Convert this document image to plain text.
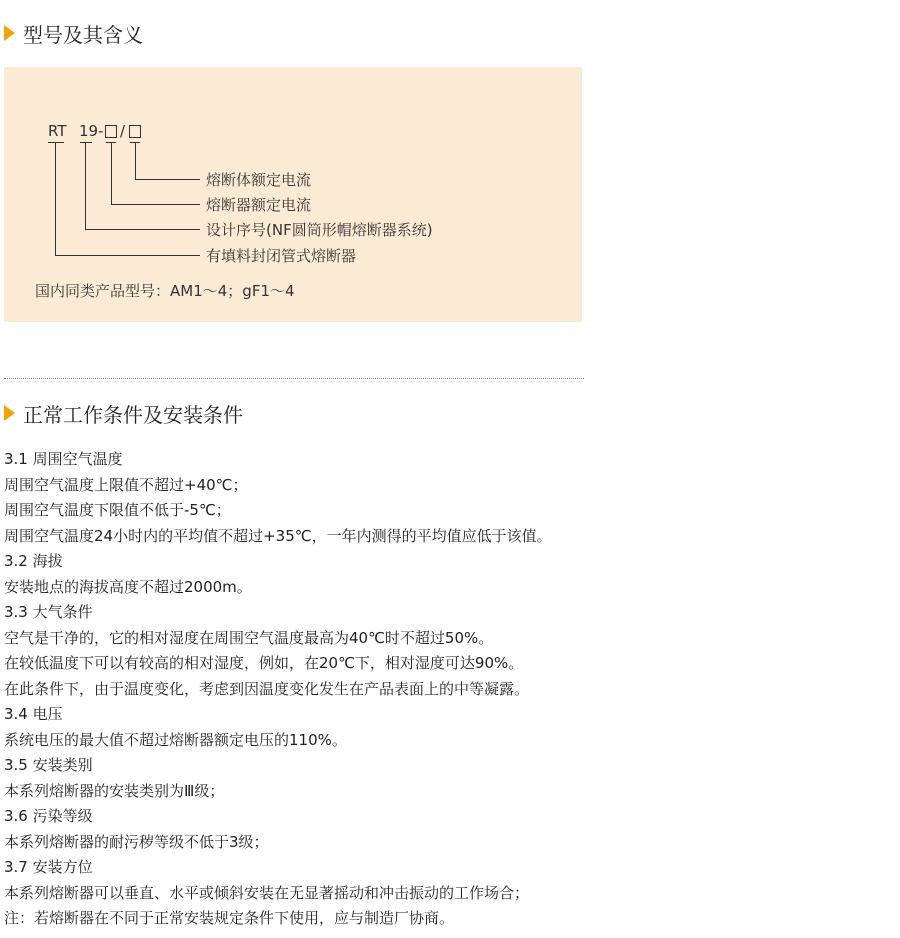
型号及其含义
RT 19- /
熔断体额定电流
熔断器额定电流
设计序号(NF圆筒形帽熔断器系统)
有填料封闭管式熔断器
国内同类产品型号：AM1～4；gF1～4
正常工作条件及安装条件
3.1 周围空气温度
周围空气温度上限值不超过+40℃；
周围空气温度下限值不低于-5℃；
周围空气温度24小时内的平均值不超过+35℃，一年内测得的平均值应低于该值。
3.2 海拔
安装地点的海拔高度不超过2000m。
3.3 大气条件
空气是干净的，它的相对湿度在周围空气温度最高为40℃时不超过50%。
在较低温度下可以有较高的相对湿度，例如，在20℃下，相对湿度可达90%。
在此条件下，由于温度变化，考虑到因温度变化发生在产品表面上的中等凝露。
3.4 电压
系统电压的最大值不超过熔断器额定电压的110%。
3.5 安装类别
本系列熔断器的安装类别为Ⅲ级；
3.6 污染等级
本系列熔断器的耐污秽等级不低于3级；
3.7 安装方位
本系列熔断器可以垂直、水平或倾斜安装在无显著摇动和冲击振动的工作场合；
注：若熔断器在不同于正常安装规定条件下使用，应与制造厂协商。
